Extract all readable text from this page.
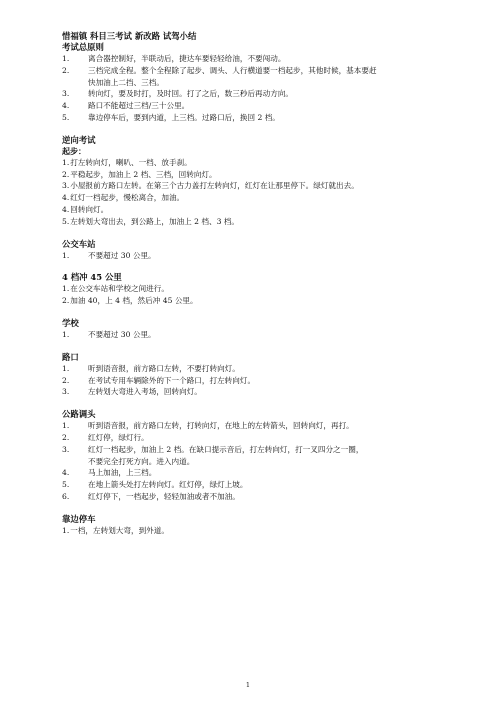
惜福镇 科目三考试 新改路 试驾小结
考试总原则
1.	离合器控制好，半联动后，捷达车要轻轻给油，不要闯动。
2.	三档完成全程。整个全程除了起步、调头、人行横道要一档起步，其他时候，基本要赶
快加油上二挡、三档。
3.	转向灯，要及时打，及时回。打了之后，数三秒后再动方向。
4.	路口不能超过三档/三十公里。
5.	靠边停车后，要到内道，上三档。过路口后，换回 2 档。
逆向考试
起步：
1. 打左转向灯，喇叭、一档、放手刹。
2. 平稳起步，加油上 2 档、三档，回转向灯。
3. 小屋报前方路口左转。在第三个古力盖打左转向灯，红灯在让那里停下。绿灯就出去。
4. 红灯一档起步，慢松离合，加油。
4. 回转向灯。
5. 左转划大弯出去，到公路上，加油上 2 档、3 档。
公交车站
1.	不要超过 30 公里。
4 档冲 45 公里
1. 在公交车站和学校之间进行。
2. 加油 40，上 4 档，然后冲 45 公里。
学校
1.	不要超过 30 公里。
路口
1.	听到语音报，前方路口左转，不要打转向灯。
2.	在考试专用车辆除外的下一个路口，打左转向灯。
3.	左转划大弯进入考场，回转向灯。
公路调头
1.	听到语音报，前方路口左转，打转向灯，在地上的左转箭头，回转向灯，再打。
2.	红灯停，绿灯行。
3.	红灯一档起步，加油上 2 档。在缺口提示音后，打左转向灯，打一叉四分之一圈，
不要完全打死方向。进入内道。
4.	马上加油，上三档。
5.	在地上箭头处打左转向灯。红灯停，绿灯上坡。
6.	红灯停下，一档起步，轻轻加油或者不加油。
靠边停车
1. 一档，左转划大弯，到外道。
1
